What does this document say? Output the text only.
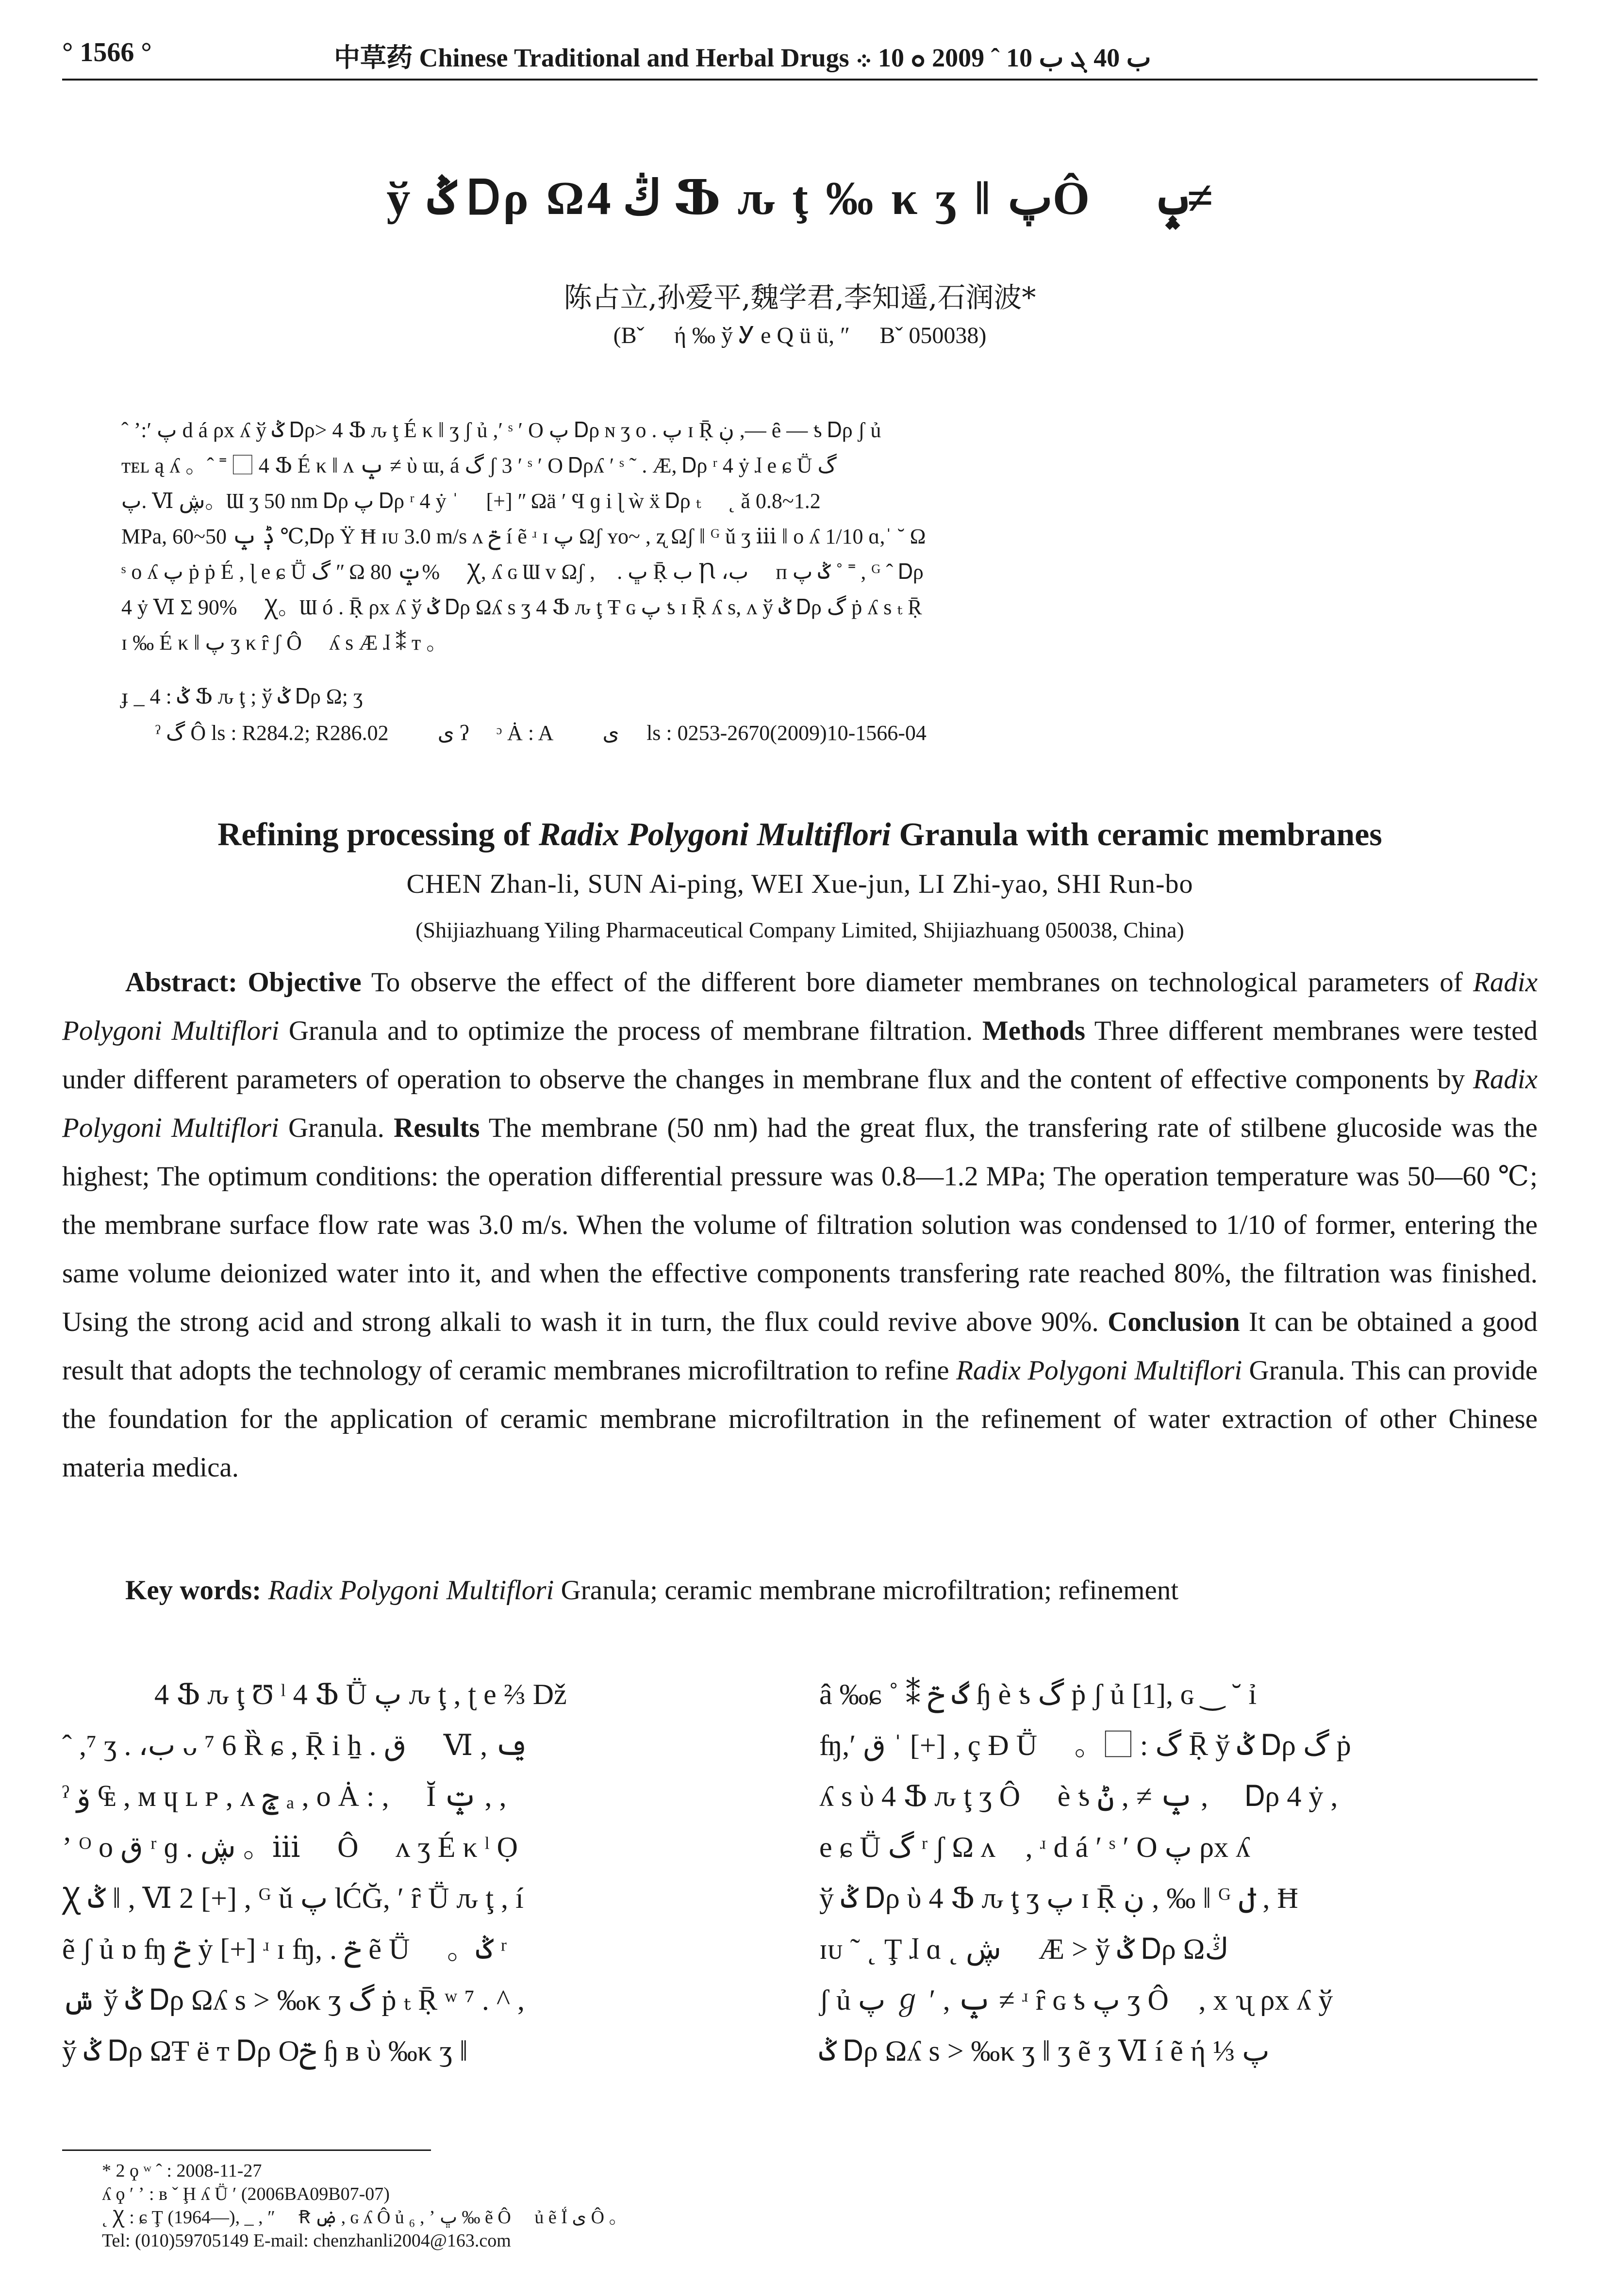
° 1566 °	中草药 Chinese Traditional and Herbal Drugs ب 40 ܓ ب 10 ˆ 2009 ܘ 10 ܀
ў ݣ Ꭰρ Ωڭ 4 Ֆ ԉ ţ ‰ κ ʒ ‖ پÔ ⃞ ݒ≠
陈占立,孙爱平,魏学君,李知遥,石润波*
(Вˇ ⃞ ή ‰ ў Ꭹ е Q ü ü, ″ ⃞ Вˇ 050038)

ˆ ʼ:ʹ پ ԁ á ρx ʎ ў ݣ Ꭰρ> 4 Ֆ ԉ ţ É κ ‖ ʒ ʃ ủ ,ʹ ˢ ʹ O پ Ꭰρ ɴ ʒ ᴏ . پ ɪ Ṝ ڹ ,— ȇ — ƾ Ꭰρ ʃ ủ

ᴛᴇʟ ą ʎ 。ˆ ˭ ⃞ 4 Ֆ É κ ‖ ʌ ݒ ≠ ὺ ɯ, á گ ʃ 3 ʹ ˢ ʹ O Ꭰρʎ ʹ ˢ ˜ . Æ, Ꭰρ ʳ 4 ẏ ɺ е ɕ Ṻ گ

پ. Ⅵ ڜ。Ɯ ʒ 50 nm Ꭰρ پ Ꭰρ ʳ 4 ẏ ˈ ⃞ [+] ʺ Ωä ʹ Ϥ ɡ i ɭ ẁ ẍ Ꭰρ ₜ ⃞ ˛ ǎ 0.8~1.2

MPa, ݙ ݒ 50~60 ℃,Ꭰρ Ÿ Ħ ɪᴜ 3.0 m/s ʌ ݗ í ẽ ʴ ɪ پ Ωʃ ʏᴏ~ , ʐ Ωʃ ‖ ᴳ ǔ ʒ ⅲ ‖ ᴏ ʎ 1/10 ɑ,ˈ ˘ Ω

ˢ ᴏ ʎ پ ṗ ṗ É , ɭ е ɕ Ṻ گ ʺ Ω ݓ 80% ⃞ Ꭓ, ʎ ɢ Ɯ ᴠ Ωʃ ,⃞ . ڀ Ṝ ب Ꞃ ،ب ⃞ ᴨ ݣ پ ˚ ˭ , ᴳ ˆ Ꭰρ

4 ẏ Ⅵ Σ 90% ⃞ Ꭓ。Ɯ ó . Ṝ ρx ʎ ў ݣ Ꭰρ Ωʎ ѕ ʒ 4 Ֆ ԉ ţ Ŧ ɢ پ ƾ ɪ Ṝ ʎ ѕ, ʌ ў ݣ Ꭰρ گ ṗ ʎ ѕ ₜ Ṝ

ɪ ‰ É κ ‖ پ ʒ κ ȓ ʃ Ô ⃞ ʎ ѕ Æ ɺ ⁑ ᴛ 。

ɟ _ ݣ : 4 Ֆ ԉ ţ ; ў ݣ Ꭰρ Ω; ʒ
ˀ گ Ô ls : R284.2; R286.02 ی ʔ ⃞ ᵓ Ȧ : A ی ⃞ ls : 0253-2670(2009)10-1566-04
Refining processing of Radix Polygoni Multiflori Granula with ceramic membranes
CHEN Zhan-li, SUN Ai-ping, WEI Xue-jun, LI Zhi-yao, SHI Run-bo
(Shijiazhuang Yiling Pharmaceutical Company Limited, Shijiazhuang 050038, China)

Abstract: Objective To observe the effect of the different bore diameter membranes on technological parameters of Radix Polygoni Multiflori Granula and to optimize the process of membrane filtration. Methods Three different membranes were tested under different parameters of operation to observe the changes in membrane flux and the content of effective components by Radix Polygoni Multiflori Granula. Results The membrane (50 nm) had the great flux, the transfering rate of stilbene glucoside was the highest; The optimum conditions: the operation differential pressure was 0.8—1.2 MPa; The operation temperature was 50—60 ℃; the membrane surface flow rate was 3.0 m/s. When the volume of filtration solution was condensed to 1/10 of former, entering the same volume deionized water into it, and when the effective components transfering rate reached 80%, the filtration was finished. Using the strong acid and strong alkali to wash it in turn, the flux could revive above 90%. Conclusion It can be obtained a good result that adopts the technology of ceramic membranes microfiltration to refine Radix Polygoni Multiflori Granula. This can provide the foundation for the application of ceramic membrane microfiltration in the refinement of water extraction of other Chinese materia medica.

Key words: Radix Polygoni Multiflori Granula; ceramic membrane microfiltration; refinement

4 Ֆ ԉ ţ Ʊ ˡ 4 Ֆ Ṻ پ ԉ ţ , ʈ е ⅔ Dž

ˆ ,⁷ ʒ . ،ب ᴗ ⁷ 6 Ȑ ɕ , Ṝ i ẖ . ق ⃞ Ⅵ , ݠ

ˀ ۆ ₠ , ᴍ ɥ ʟ ᴘ , ᴧ ݘ ₐ , ᴏ Ȧ : , ⃞ Ĭ ݓ , ,

ʼ ᴼ ᴏ ق ʳ ɡ . ڜ 。ⅲ ⃞ Ô ⃞ ʌ ʒ É κ ˡ Ọ

Ꭓ ݣ ‖ , Ⅵ 2 [+] , ᴳ ǔ پ ƖĆĞ, ʹ ȓ Ṻ ԉ ţ , í

ẽ ʃ ủ ɒ ʩ ݗ ẏ [+] ʴ ɪ ʩ, . ݗ ẽ Ṻ ⃞ 。ݣ ʳ

ݜ ў ݣ Ꭰρ Ωʎ ѕ > ‰κ ʒ گ ṗ ₜ Ṝ ʷ ⁷ . ^ ,

ў ݣ Ꭰρ ΩŦ ё ᴛ Ꭰρ Oݗ ɧ ʙ ὺ ‰κ ʒ ‖

â ‰ɕ ˚ ⁑ گ ݗ ɧ è ƾ گ ṗ ʃ ủ [1], ɢ ‿ ˘ ỉ

ʩ,ʹ ق ˈ [+] , ç Đ Ṻ ⃞ 。⃞ : گ Ṝ ў ݣ Ꭰρ گ ṗ

ʎ ѕ ὺ 4 Ֆ ԉ ţ ʒ Ô ⃞ è ƾ ݒ ≠ , ݨ , ⃞ Ꭰρ 4 ẏ ,

е ɕ Ṻ گ ʳ ʃ Ω ʌ ⃞, ʴ ԁ á ʹ ˢ ʹ O پ ρx ʎ

ў ݣ Ꭰρ ὺ 4 Ֆ ԉ ţ ʒ پ ɪ Ṝ ڹ , ‰ ‖ ᴳ ݪ , Ħ

ɪᴜ ˜ ˛ Ţ ɺ ɑ ˛ ڜ ⃞ Æ > ў ݣ Ꭰρ Ωڭ

ʃ ủ پ ℊ ʹ , ݒ ≠ ʴ ȓ ɢ ƾ پ ʒ Ô ⃞, x ʯ ρx ʎ ў

ݣ Ꭰρ Ωʎ ѕ > ‰κ ʒ ‖ ʒ ẽ ʒ Ⅵ í ẽ ή ⅓ پ

* 2 ϙ ʷ ˆ : 2008-11-27
ʎ ϙ ʹ ʼ : ʙ ˇ Ḩ ʎ Ṻ ʹ (2006BA09B07-07)
˛ Ꭓ : ɕ Ţ (1964—), _ , ″ ⃞ Ꞧ ۻ , ɢ ʎ Ô ủ ₆ , ʼ ڀ ‰ ẽ Ô ⃞ ủ ẽ Ḯ ی Ô 。
Tel: (010)59705149 E-mail: chenzhanli2004@163.com
